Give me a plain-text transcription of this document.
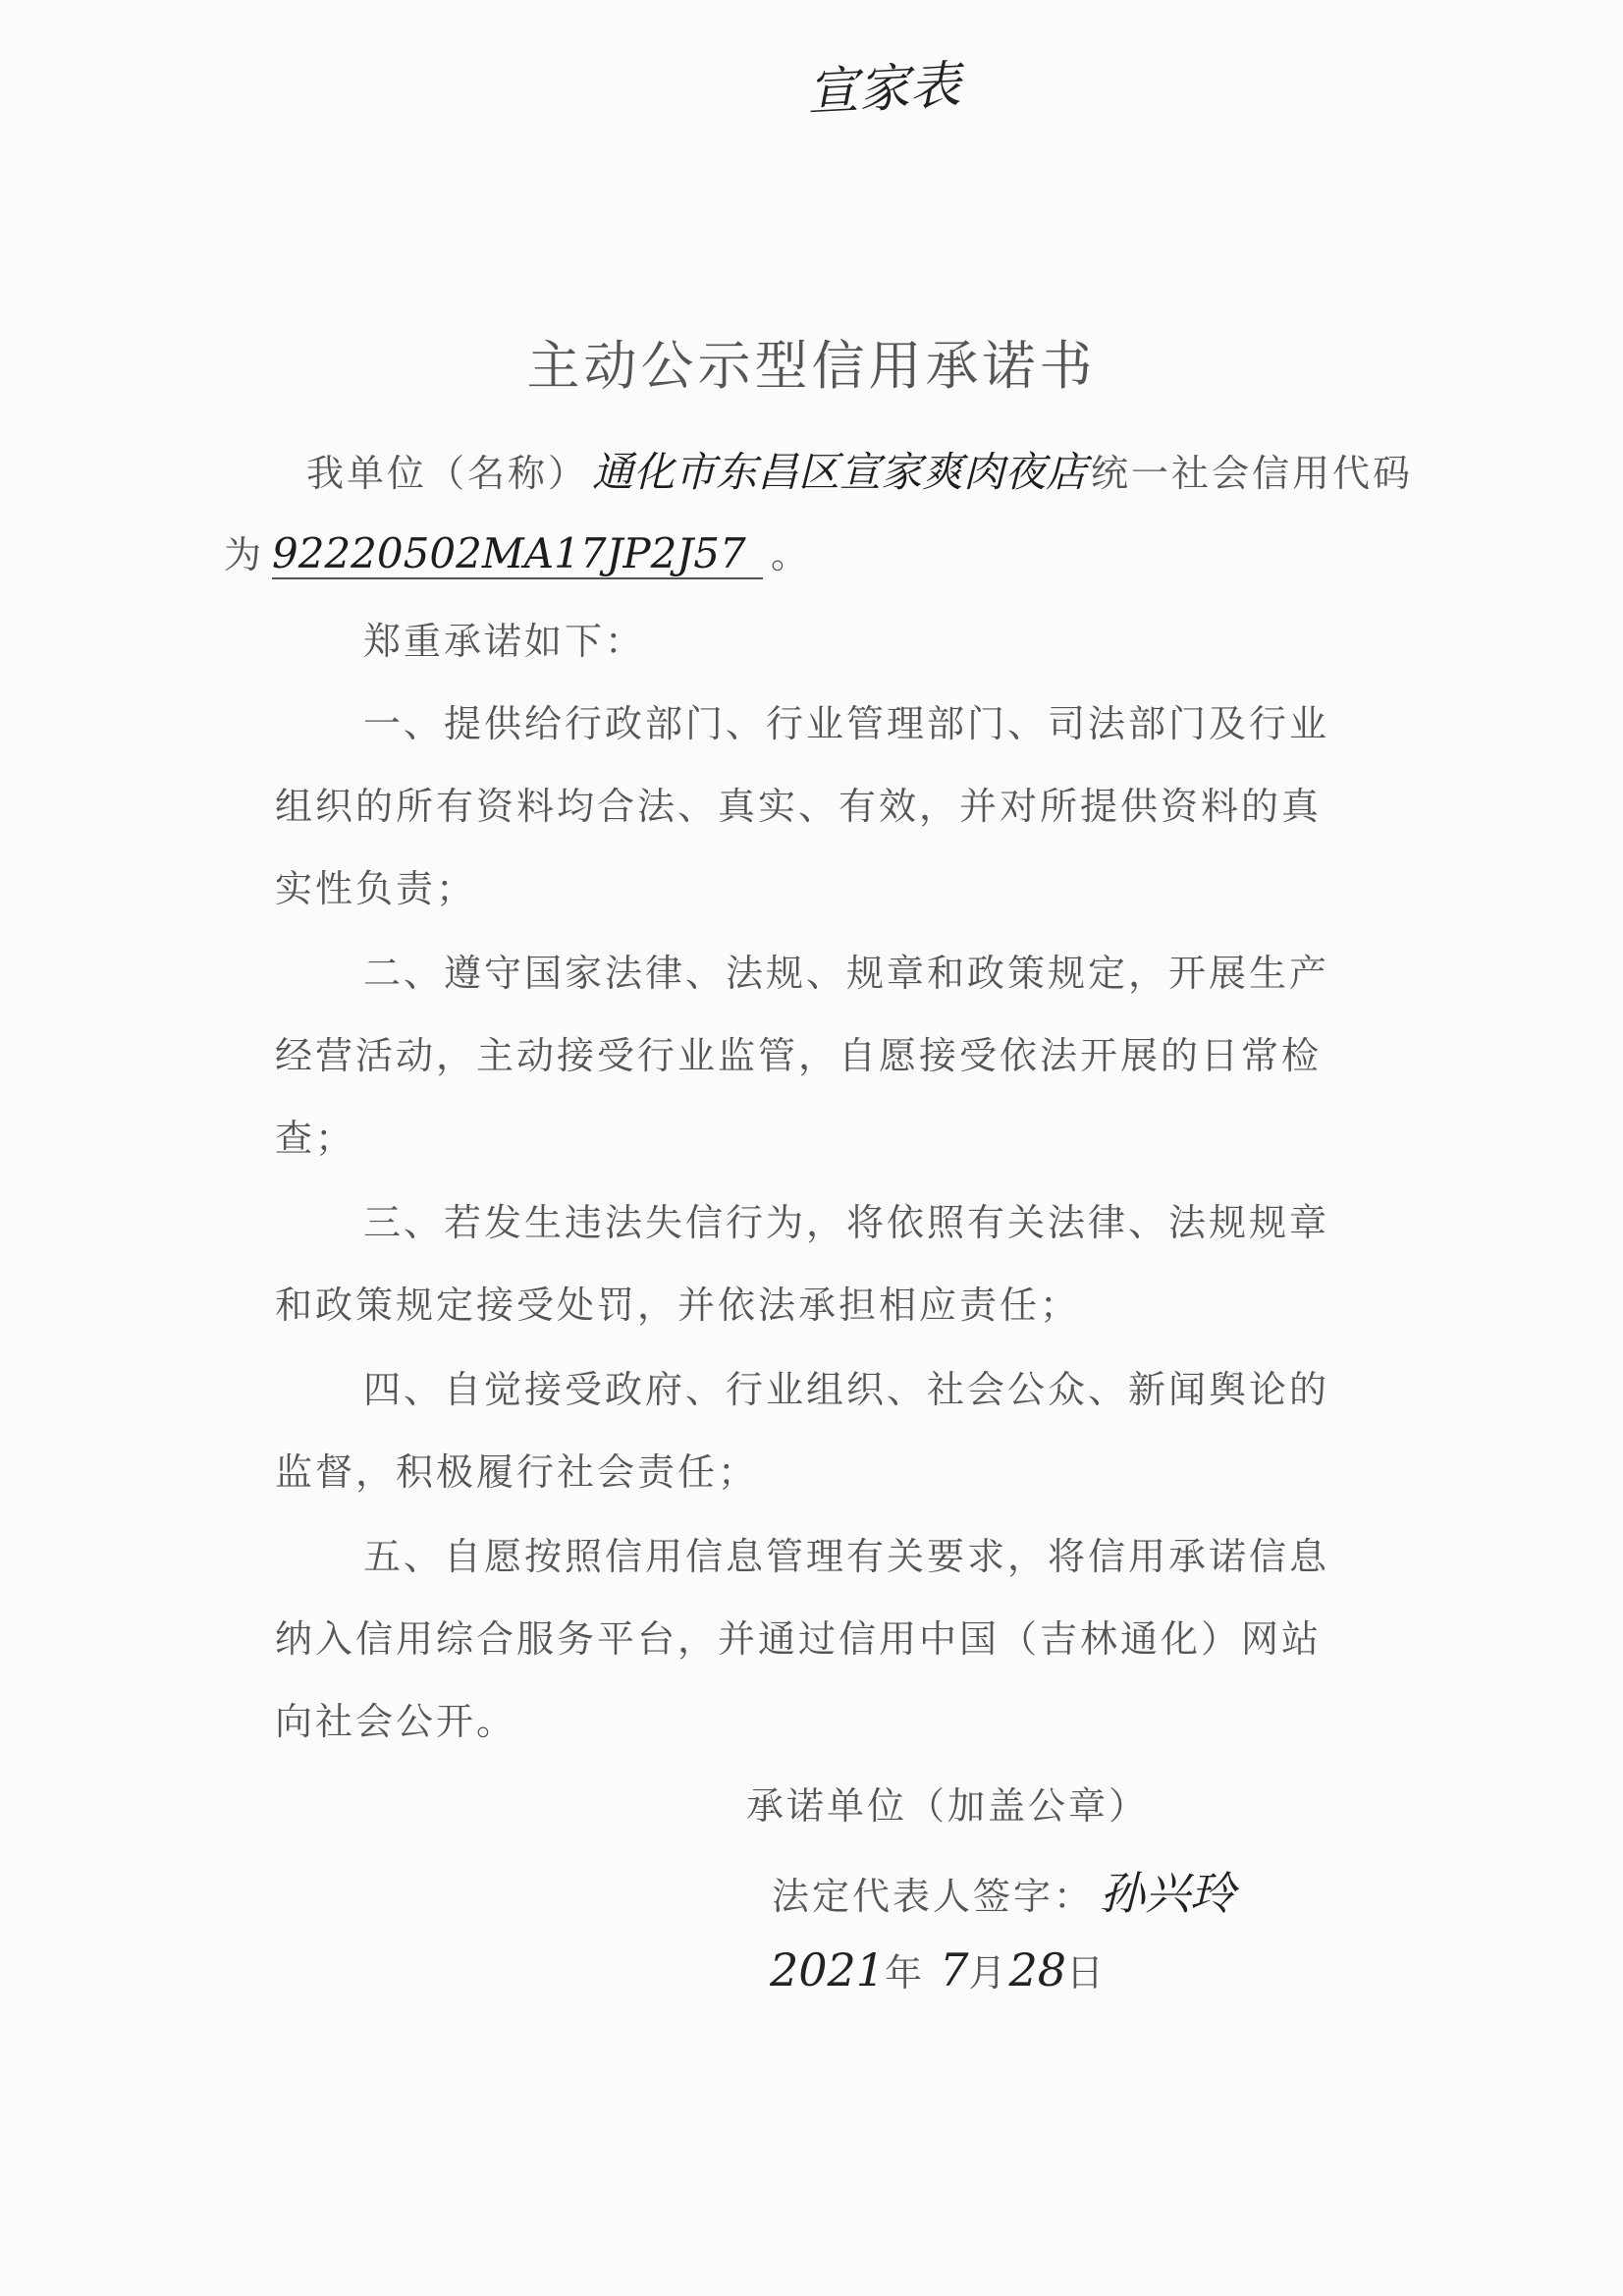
宣家表
主动公示型信用承诺书
我单位（名称）通化市东昌区宣家爽肉夜店 统一社会信用代码
为 92220502MA17JP2J57 。
郑重承诺如下：
一、提供给行政部门、行业管理部门、司法部门及行业
组织的所有资料均合法、真实、有效，并对所提供资料的真
实性负责；
二、遵守国家法律、法规、规章和政策规定，开展生产
经营活动，主动接受行业监管，自愿接受依法开展的日常检
查；
三、若发生违法失信行为，将依照有关法律、法规规章
和政策规定接受处罚，并依法承担相应责任；
四、自觉接受政府、行业组织、社会公众、新闻舆论的
监督，积极履行社会责任；
五、自愿按照信用信息管理有关要求，将信用承诺信息
纳入信用综合服务平台，并通过信用中国（吉林通化）网站
向社会公开。
承诺单位（加盖公章）
法定代表人签字： 孙兴玲
2021年 7月28日
